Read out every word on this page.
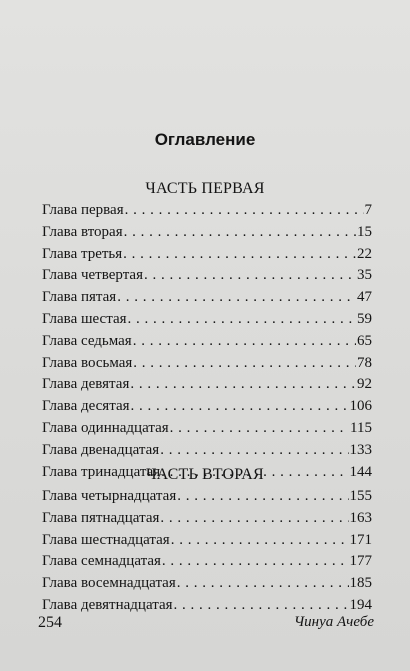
Оглавление
ЧАСТЬ ПЕРВАЯ
Глава первая . . .	7
Глава вторая . . .	15
Глава третья . . .	22
Глава четвертая . . .	35
Глава пятая . . .	47
Глава шестая . . .	59
Глава седьмая . . .	65
Глава восьмая . . .	78
Глава девятая . . .	92
Глава десятая . . .	106
Глава одиннадцатая . . .	115
Глава двенадцатая . . .	133
Глава тринадцатая . . .	144
ЧАСТЬ ВТОРАЯ
Глава четырнадцатая . . .	155
Глава пятнадцатая . . .	163
Глава шестнадцатая . . .	171
Глава семнадцатая . . .	177
Глава восемнадцатая . . .	185
Глава девятнадцатая . . .	194
254	Чинуа Ачебе
